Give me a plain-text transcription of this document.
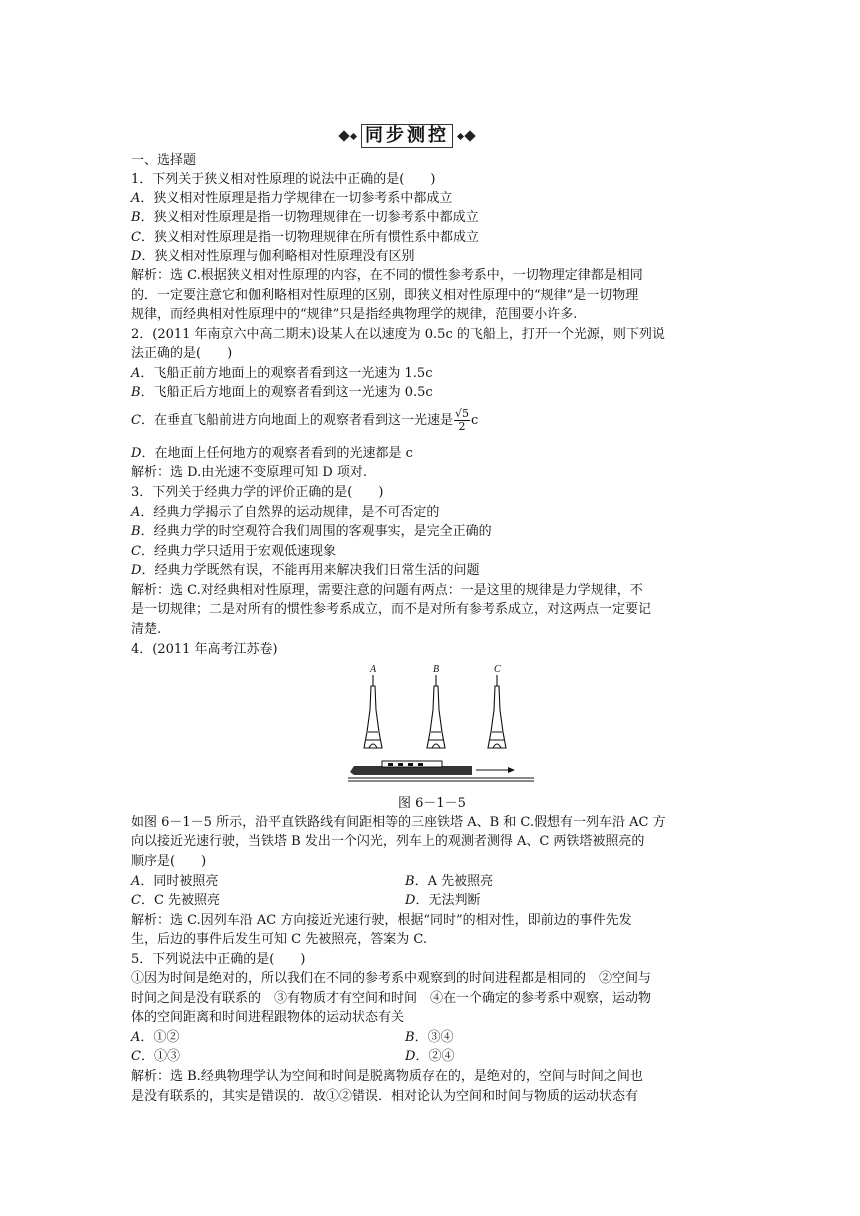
同步测控
一、选择题
1．下列关于狭义相对性原理的说法中正确的是(　　)
A．狭义相对性原理是指力学规律在一切参考系中都成立
B．狭义相对性原理是指一切物理规律在一切参考系中都成立
C．狭义相对性原理是指一切物理规律在所有惯性系中都成立
D．狭义相对性原理与伽利略相对性原理没有区别
解析：选 C.根据狭义相对性原理的内容，在不同的惯性参考系中，一切物理定律都是相同
的．一定要注意它和伽利略相对性原理的区别，即狭义相对性原理中的“规律”是一切物理
规律，而经典相对性原理中的“规律”只是指经典物理学的规律，范围要小许多.
2．(2011 年南京六中高二期末)设某人在以速度为 0.5c 的飞船上，打开一个光源，则下列说
法正确的是(　　)
A．飞船正前方地面上的观察者看到这一光速为 1.5c
B．飞船正后方地面上的观察者看到这一光速为 0.5c
C．在垂直飞船前进方向地面上的观察者看到这一光速是 $\frac{√5}{2}$ c
D．在地面上任何地方的观察者看到的光速都是 c
解析：选 D.由光速不变原理可知 D 项对.
3．下列关于经典力学的评价正确的是(　　)
A．经典力学揭示了自然界的运动规律，是不可否定的
B．经典力学的时空观符合我们周围的客观事实，是完全正确的
C．经典力学只适用于宏观低速现象
D．经典力学既然有误，不能再用来解决我们日常生活的问题
解析：选 C.对经典相对性原理，需要注意的问题有两点：一是这里的规律是力学规律，不
是一切规律；二是对所有的惯性参考系成立，而不是对所有参考系成立，对这两点一定要记
清楚.
4．(2011 年高考江苏卷)
A	B	C
图 6－1－5
如图 6－1－5 所示，沿平直铁路线有间距相等的三座铁塔 A、B 和 C.假想有一列车沿 AC 方
向以接近光速行驶，当铁塔 B 发出一个闪光，列车上的观测者测得 A、C 两铁塔被照亮的
顺序是(　　)
A．同时被照亮	B．A 先被照亮
C．C 先被照亮	D．无法判断
解析：选 C.因列车沿 AC 方向接近光速行驶，根据“同时”的相对性，即前边的事件先发
生，后边的事件后发生可知 C 先被照亮，答案为 C.
5．下列说法中正确的是(　　)
①因为时间是绝对的，所以我们在不同的参考系中观察到的时间进程都是相同的　②空间与
时间之间是没有联系的　③有物质才有空间和时间　④在一个确定的参考系中观察，运动物
体的空间距离和时间进程跟物体的运动状态有关
A．①②	B．③④
C．①③	D．②④
解析：选 B.经典物理学认为空间和时间是脱离物质存在的，是绝对的，空间与时间之间也
是没有联系的，其实是错误的．故①②错误．相对论认为空间和时间与物质的运动状态有
